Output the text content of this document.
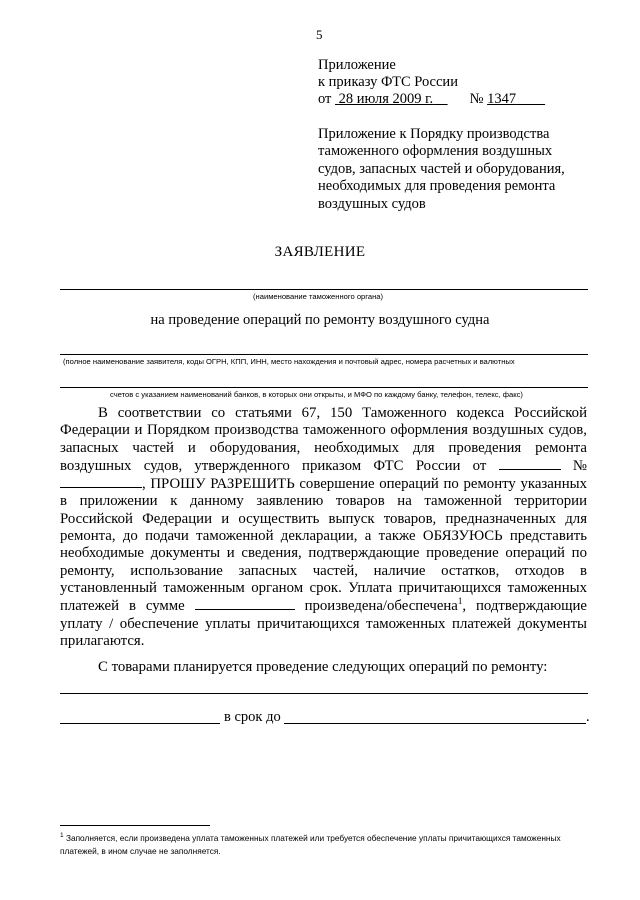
5
Приложение
к приказу ФТС России
от 28 июля 2009 г.	№ 1347
Приложение к Порядку производства
таможенного оформления воздушных
судов, запасных частей и оборудования,
необходимых для проведения ремонта
воздушных судов
ЗАЯВЛЕНИЕ
(наименование таможенного органа)
на проведение операций по ремонту воздушного судна
(полное наименование заявителя, коды ОГРН, КПП, ИНН, место нахождения и почтовый адрес, номера расчетных и валютных
счетов с указанием наименований банков, в которых они открыты, и МФО по каждому банку, телефон, телекс, факс)

В соответствии со статьями 67, 150 Таможенного кодекса Российской Федерации и Порядком производства таможенного оформления воздушных судов, запасных частей и оборудования, необходимых для проведения ремонта воздушных судов, утвержденного приказом ФТС России от	№ , ПРОШУ РАЗРЕШИТЬ совершение операций по ремонту указанных в приложении к данному заявлению товаров на таможенной территории Российской Федерации и осуществить выпуск товаров, предназначенных для ремонта, до подачи таможенной декларации, а также ОБЯЗУЮСЬ представить необходимые документы и сведения, подтверждающие проведение операций по ремонту, использование запасных частей, наличие остатков, отходов в установленный таможенным органом срок. Уплата причитающихся таможенных платежей в сумме	произведена/обеспечена$^1$, подтверждающие уплату / обеспечение уплаты причитающихся таможенных платежей документы прилагаются.

С товарами планируется проведение следующих операций по ремонту:

в срок до	.
$^1$ Заполняется, если произведена уплата таможенных платежей или требуется обеспечение уплаты причитающихся таможенных платежей, в ином случае не заполняется.
